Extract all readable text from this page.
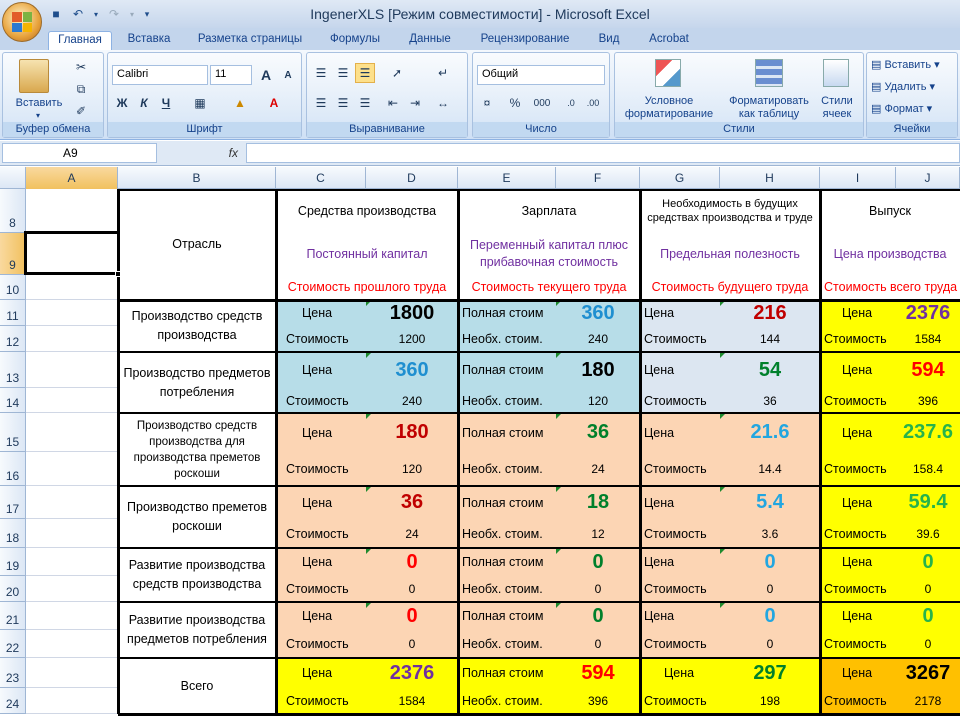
IngenerXLS [Режим совместимости] - Microsoft Excel
■	↶	▾ ↷	▾	▾
Главная	Вставка	Разметка страницы	Формулы	Данные	Рецензирование	Вид	Acrobat
Вставить
▾
✂
⧉
✐
Буфер обмена
Calibri	11	A	A
Ж	К	Ч	▦	▲	A
Шрифт
☰ ☰ ☰	➚
☰ ☰ ☰	⇤ ⇥
↵
↔
Выравнивание
Общий
¤	%	000	.0	.00
Число
Условное форматирование
Форматировать как таблицу
Стили ячеек
Стили
▤ Вставить ▾
▤ Удалить ▾
▤ Формат ▾
Ячейки
A9	fx
A	B	C	D	E	F	G	H	I	J
8
9
10
11
12
13
14
15
16
17
18
19
20
21
22
23
24
Отрасль
Средства производства	Зарплата	Необходимость в будущих средствах производства и труде
Выпуск
Постоянный капитал
Переменный капитал плюс прибавочная стоимость
Предельная полезность	Цена производства
Стоимость прошлого труда	Стоимость текущего труда	Стоимость будущего труда	Стоимость всего труда
Производство средств производства
Цена
Стоимость
1800
1200
Полная стоим
Необх. стоим.
360
240
Цена
Стоимость
216
144
Цена
Стоимость
2376
1584
Производство предметов потребления
Цена
Стоимость
360
240
Полная стоим
Необх. стоим.
180
120
Цена
Стоимость
54
36
Цена
Стоимость
594
396
Производство средств производства для производства преметов роскоши
Цена
Стоимость
180
120
Полная стоим
Необх. стоим.
36
24
Цена
Стоимость
21.6
14.4
Цена
Стоимость
237.6
158.4
Производство преметов роскоши
Цена
Стоимость
36
24
Полная стоим
Необх. стоим.
18
12
Цена
Стоимость
5.4
3.6
Цена
Стоимость
59.4
39.6
Развитие производства средств производства
Цена
Стоимость
0
0
Полная стоим
Необх. стоим.
0
0
Цена
Стоимость
0
0
Цена
Стоимость
0
0
Развитие производства предметов потребления
Цена
Стоимость
0
0
Полная стоим
Необх. стоим.
0
0
Цена
Стоимость
0
0
Цена
Стоимость
0
0
Всего
Цена
Стоимость
2376
1584
Полная стоим
Необх. стоим.
594
396
Цена
Стоимость
297
198
Цена
Стоимость
3267
2178
